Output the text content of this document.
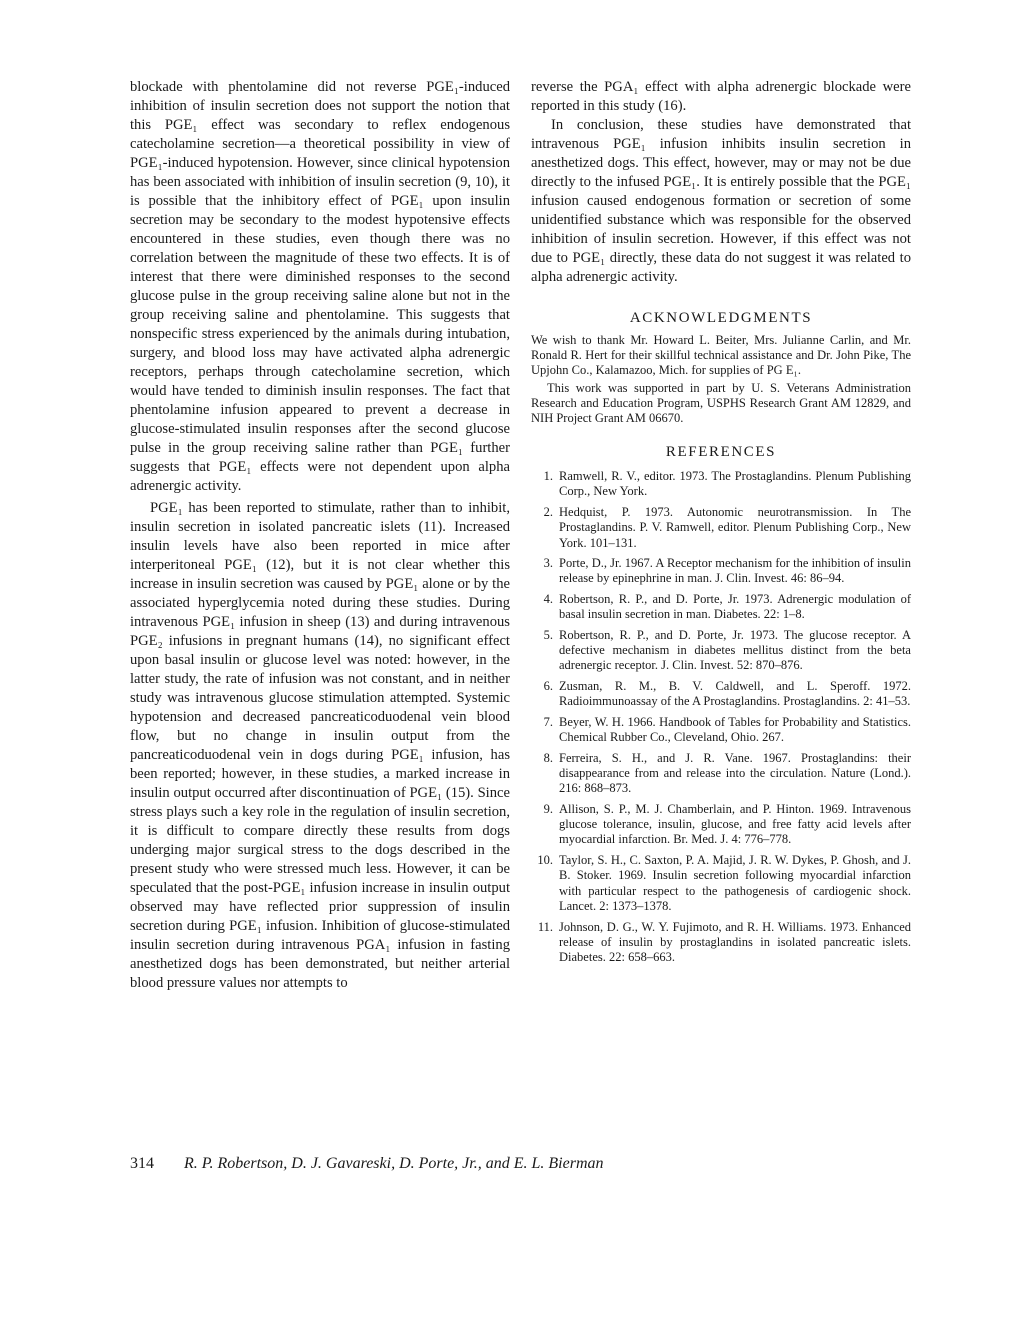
blockade with phentolamine did not reverse PGE₁-induced inhibition of insulin secretion does not support the notion that this PGE₁ effect was secondary to reflex endogenous catecholamine secretion—a theoretical possibility in view of PGE₁-induced hypotension. However, since clinical hypotension has been associated with inhibition of insulin secretion (9, 10), it is possible that the inhibitory effect of PGE₁ upon insulin secretion may be secondary to the modest hypotensive effects encountered in these studies, even though there was no correlation between the magnitude of these two effects. It is of interest that there were diminished responses to the second glucose pulse in the group receiving saline alone but not in the group receiving saline and phentolamine. This suggests that nonspecific stress experienced by the animals during intubation, surgery, and blood loss may have activated alpha adrenergic receptors, perhaps through catecholamine secretion, which would have tended to diminish insulin responses. The fact that phentolamine infusion appeared to prevent a decrease in glucose-stimulated insulin responses after the second glucose pulse in the group receiving saline rather than PGE₁ further suggests that PGE₁ effects were not dependent upon alpha adrenergic activity.

PGE₁ has been reported to stimulate, rather than to inhibit, insulin secretion in isolated pancreatic islets (11). Increased insulin levels have also been reported in mice after interperitoneal PGE₁ (12), but it is not clear whether this increase in insulin secretion was caused by PGE₁ alone or by the associated hyperglycemia noted during these studies. During intravenous PGE₁ infusion in sheep (13) and during intravenous PGE₂ infusions in pregnant humans (14), no significant effect upon basal insulin or glucose level was noted: however, in the latter study, the rate of infusion was not constant, and in neither study was intravenous glucose stimulation attempted. Systemic hypotension and decreased pancreaticoduodenal vein blood flow, but no change in insulin output from the pancreaticoduodenal vein in dogs during PGE₁ infusion, has been reported; however, in these studies, a marked increase in insulin output occurred after discontinuation of PGE₁ (15). Since stress plays such a key role in the regulation of insulin secretion, it is difficult to compare directly these results from dogs underging major surgical stress to the dogs described in the present study who were stressed much less. However, it can be speculated that the post-PGE₁ infusion increase in insulin output observed may have reflected prior suppression of insulin secretion during PGE₁ infusion. Inhibition of glucose-stimulated insulin secretion during intravenous PGA₁ infusion in fasting anesthetized dogs has been demonstrated, but neither arterial blood pressure values nor attempts to

reverse the PGA₁ effect with alpha adrenergic blockade were reported in this study (16).

In conclusion, these studies have demonstrated that intravenous PGE₁ infusion inhibits insulin secretion in anesthetized dogs. This effect, however, may or may not be due directly to the infused PGE₁. It is entirely possible that the PGE₁ infusion caused endogenous formation or secretion of some unidentified substance which was responsible for the observed inhibition of insulin secretion. However, if this effect was not due to PGE₁ directly, these data do not suggest it was related to alpha adrenergic activity.

ACKNOWLEDGMENTS

We wish to thank Mr. Howard L. Beiter, Mrs. Julianne Carlin, and Mr. Ronald R. Hert for their skillful technical assistance and Dr. John Pike, The Upjohn Co., Kalamazoo, Mich. for supplies of PG E₁.

This work was supported in part by U. S. Veterans Administration Research and Education Program, USPHS Research Grant AM 12829, and NIH Project Grant AM 06670.

REFERENCES
1. Ramwell, R. V., editor. 1973. The Prostaglandins. Plenum Publishing Corp., New York.
2. Hedquist, P. 1973. Autonomic neurotransmission. In The Prostaglandins. P. V. Ramwell, editor. Plenum Publishing Corp., New York. 101–131.
3. Porte, D., Jr. 1967. A Receptor mechanism for the inhibition of insulin release by epinephrine in man. J. Clin. Invest. 46: 86–94.
4. Robertson, R. P., and D. Porte, Jr. 1973. Adrenergic modulation of basal insulin secretion in man. Diabetes. 22: 1–8.
5. Robertson, R. P., and D. Porte, Jr. 1973. The glucose receptor. A defective mechanism in diabetes mellitus distinct from the beta adrenergic receptor. J. Clin. Invest. 52: 870–876.
6. Zusman, R. M., B. V. Caldwell, and L. Speroff. 1972. Radioimmunoassay of the A Prostaglandins. Prostaglandins. 2: 41–53.
7. Beyer, W. H. 1966. Handbook of Tables for Probability and Statistics. Chemical Rubber Co., Cleveland, Ohio. 267.
8. Ferreira, S. H., and J. R. Vane. 1967. Prostaglandins: their disappearance from and release into the circulation. Nature (Lond.). 216: 868–873.
9. Allison, S. P., M. J. Chamberlain, and P. Hinton. 1969. Intravenous glucose tolerance, insulin, glucose, and free fatty acid levels after myocardial infarction. Br. Med. J. 4: 776–778.
10. Taylor, S. H., C. Saxton, P. A. Majid, J. R. W. Dykes, P. Ghosh, and J. B. Stoker. 1969. Insulin secretion following myocardial infarction with particular respect to the pathogenesis of cardiogenic shock. Lancet. 2: 1373–1378.
11. Johnson, D. G., W. Y. Fujimoto, and R. H. Williams. 1973. Enhanced release of insulin by prostaglandins in isolated pancreatic islets. Diabetes. 22: 658–663.
314 R. P. Robertson, D. J. Gavareski, D. Porte, Jr., and E. L. Bierman
